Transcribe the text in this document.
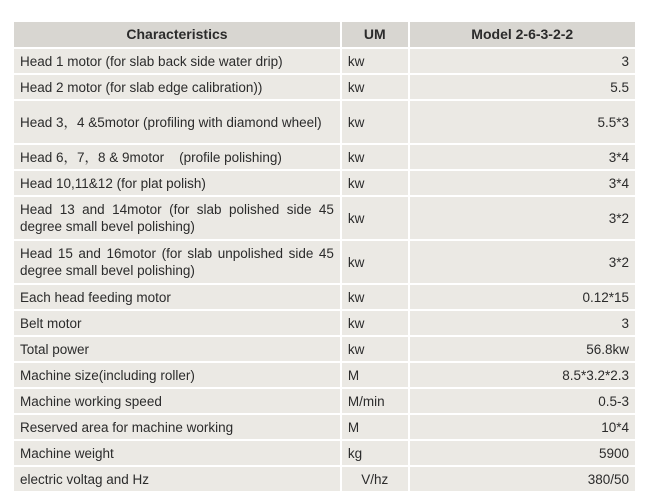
Characteristics	UM	Model 2-6-3-2-2
Head 1 motor (for slab back side water drip)	kw	3
Head 2 motor (for slab edge calibration))	kw	5.5
Head 3，4 &5motor (profiling with diamond wheel)	kw	5.5*3
Head 6，7，8 & 9motor    (profile polishing)	kw	3*4
Head 10,11&12 (for plat polish)	kw	3*4
Head 13 and 14motor (for slab polished side 45 degree small bevel polishing)	kw	3*2
Head 15 and 16motor (for slab unpolished side 45 degree small bevel polishing)	kw	3*2
Each head feeding motor	kw	0.12*15
Belt motor	kw	3
Total power	kw	56.8kw
Machine size(including roller)	M	8.5*3.2*2.3
Machine working speed	M/min	0.5-3
Reserved area for machine working	M	10*4
Machine weight	kg	5900
electric voltag and Hz	V/hz	380/50
